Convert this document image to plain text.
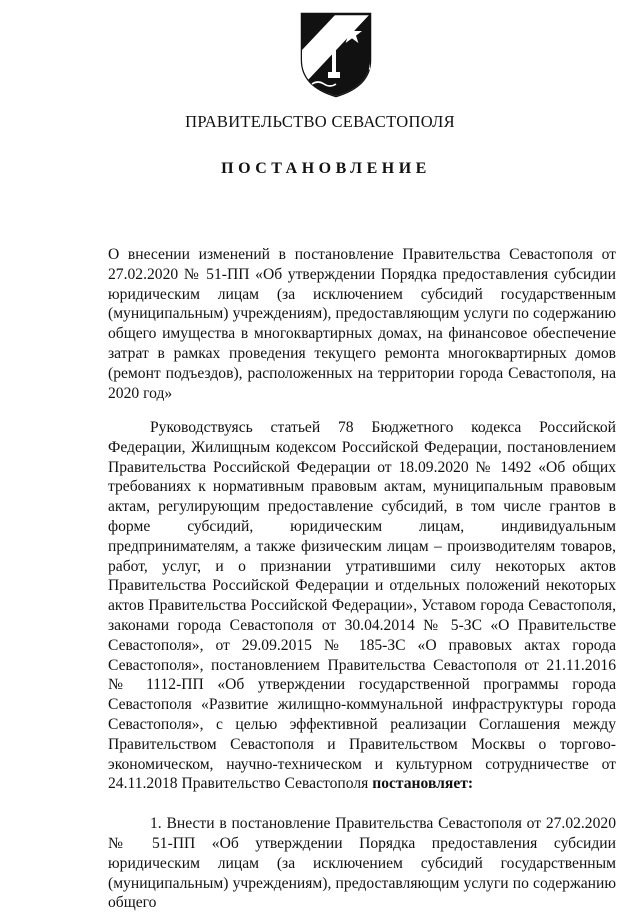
ПРАВИТЕЛЬСТВО СЕВАСТОПОЛЯ
ПОСТАНОВЛЕНИЕ
О внесении изменений в постановление Правительства Севастополя от 27.02.2020 № 51-ПП «Об утверждении Порядка предоставления субсидии юридическим лицам (за исключением субсидий государственным (муниципальным) учреждениям), предоставляющим услуги по содержанию общего имущества в многоквартирных домах, на финансовое обеспечение затрат в рамках проведения текущего ремонта многоквартирных домов (ремонт подъездов), расположенных на территории города Севастополя, на 2020 год»

Руководствуясь статьей 78 Бюджетного кодекса Российской Федерации, Жилищным кодексом Российской Федерации, постановлением Правительства Российской Федерации от 18.09.2020 № 1492 «Об общих требованиях к нормативным правовым актам, муниципальным правовым актам, регулирующим предоставление субсидий, в том числе грантов в форме субсидий, юридическим лицам, индивидуальным предпринимателям, а также физическим лицам – производителям товаров, работ, услуг, и о признании утратившими силу некоторых актов Правительства Российской Федерации и отдельных положений некоторых актов Правительства Российской Федерации», Уставом города Севастополя, законами города Севастополя от 30.04.2014 № 5-ЗС «О Правительстве Севастополя», от 29.09.2015 № 185-ЗС «О правовых актах города Севастополя», постановлением Правительства Севастополя от 21.11.2016 № 1112-ПП «Об утверждении государственной программы города Севастополя «Развитие жилищно-коммунальной инфраструктуры города Севастополя», с целью эффективной реализации Соглашения между Правительством Севастополя и Правительством Москвы о торгово-экономическом, научно-техническом и культурном сотрудничестве от 24.11.2018 Правительство Севастополя постановляет:

1. Внести в постановление Правительства Севастополя от 27.02.2020 № 51-ПП «Об утверждении Порядка предоставления субсидии юридическим лицам (за исключением субсидий государственным (муниципальным) учреждениям), предоставляющим услуги по содержанию общего
